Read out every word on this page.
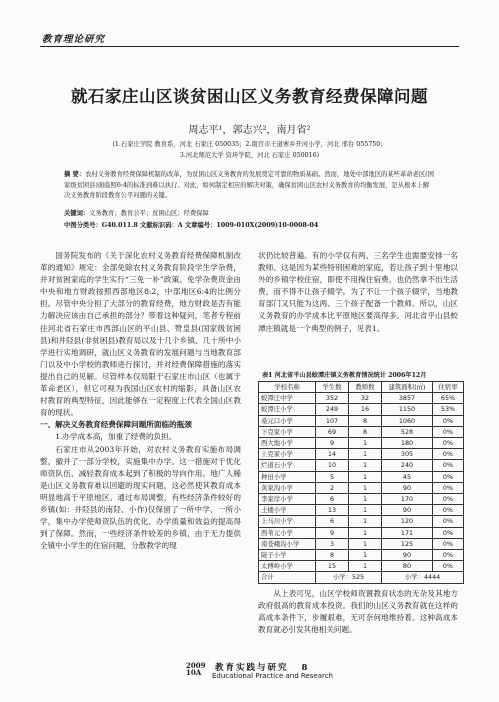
教育理论研究
就石家庄山区谈贫困山区义务教育经费保障问题
周志平¹，郭志兴²，南月省²
(1.石家庄学院 教育系，河北 石家庄 050035；2.南宫市王道寨乡开河小学，河北 邢台 055750；
3.河北师范大学 资环学院，河北 石家庄 050016)
摘 要：农村义务教育经费保障机制的改革，为贫困山区义务教育的发展奠定可靠的物质基础。然而，地处中部地区的某些革命老区(国家级贫困县)面临照6:4的标准到难以执行。对此，如何制定相应的解决对策，确保贫困山区农村义务教育的均衡发展，是从根本上解决义务教育阶段教育公平问题的关键。
关键词：义务教育；教育公平；贫困山区；经费保障
中图分类号：G40.011.8 文献标识码：A 文章编号：1009-010X(2009)10-0008-04

国务院发布的《关于深化农村义务教育经费保障机制改革的通知》规定：全部免除农村义务教育阶段学生学杂费，并对贫困家庭的学生实行“三免一补”政策。免学杂费资金由中央和地方财政按照西部地区8:2，中部地区6:4的比例分担。尽管中央分担了大部分的教育经费，地方财政是否有能力解决应该由自己承担的部分？带着这种疑问，笔者专程前往河北省石家庄市西部山区的平山县、赞皇县(国家级贫困县)和井陉县(非贫困县)教育局以及十几个乡镇、几十所中小学进行实地调研，就山区义务教育的发展问题与当地教育部门以及中小学校的教师进行探讨，并对经费保障措施的落实提出自己的见解。尽管样本仅局限于石家庄市山区（也属于革命老区），但它可视为我国山区农村的缩影，具备山区农村教育的典型特征，因此能够在一定程度上代表全国山区教育的现状。

一、解决义务教育经费保障问题所面临的瓶颈

1.办学成本高，加重了经费的负担。

石家庄市从2003年开始，对农村义务教育实施布局调整，撤并了一部分学校，实施集中办学。这一措施对于优化师资队伍、减轻教育成本起到了积极的导向作用。地广人稀是山区义务教育难以回避的现实问题，这必然使其教育成本明显地高于平原地区。通过布局调整，有些经济条件较好的乡镇(如：井陉县的南陉、小作)仅保留了一所中学、一所小学，集中办学使师资队伍的优化、办学质量和效益的提高得到了保障。然而，一些经济条件较差的乡镇，由于无力提供全镇中小学生的住宿问题，分散教学的现

状仍比较普遍。有的小学仅有两、三名学生也需要安排一名教师。这是因为某些特别困难的家庭，若让孩子到十里地以外的乡镇学校住宿，即使不用掏住宿费，也仍然拿不出生活费，而不得不让孩子辍学。为了不让一个孩子辍学，当地教育部门又只能为这两、三个孩子配备一个教师。所以，山区义务教育的办学成本比平原地区要高得多。河北省平山县蛟潭庄镇就是一个典型的例子，见表1。

表1 河北省平山县蛟潭庄镇义务教育情况统计 2006年12月
学校名称	学生数	教师数	建筑面积(㎡)	住宿率
蛟潭庄中学	352	32	3857	65%
蛟潭庄小学	249	16	1150	53%
桑元口小学	107	8	1060	0%
下克家小学	69	8	528	0%
西大地小学	9	1	180	0%
上克家小学	14	1	305	0%
烂道石小学	10	1	240	0%
种田小学	5	1	45	0%
黄家沟小学	2	1	90	0%
李家岸小学	6	1	170	0%
土楼小学	13	1	90	0%
上马川小学	6	1	120	0%
西苇元小学	9	1	171	0%
南苍峨沟小学	3	1	125	0%
陡子小学	8	1	90	0%
太傅岭小学	15	1	80	0%
合计	小学：525		小学：4444	

从上表可见，山区学校师资置教育状态的无杂及其地方政府很高的教育成本投资。我们的山区义务教育就在这样的高成本条件下，步履艰难，无可奈何地维持着。这种高成本教育就必引发其他相关问题。

2009
10A	教育实践与研究 8
Educational Practice and Research
